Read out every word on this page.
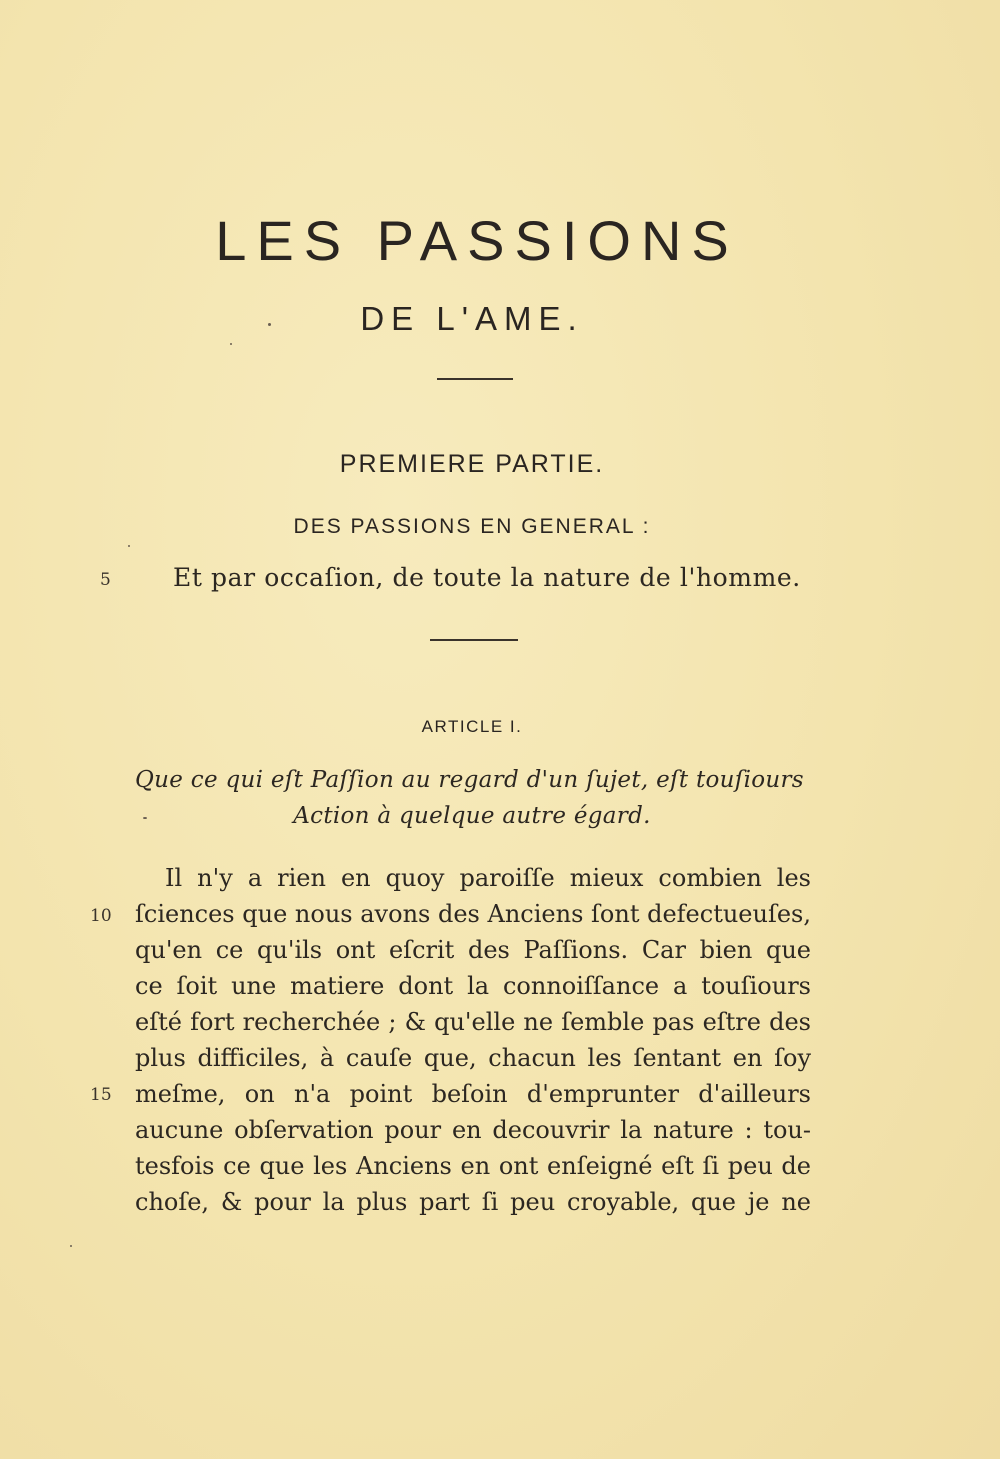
LES PASSIONS
DE L'AME.
PREMIERE PARTIE.
DES PASSIONS EN GENERAL :
5 Et par occaſion, de toute la nature de l'homme.
ARTICLE I.
Que ce qui eſt Paſſion au regard d'un ſujet, eſt touſiours
Action à quelque autre égard.
10
15
Il n'y a rien en quoy paroiſſe mieux combien les
ſciences que nous avons des Anciens ſont defectueuſes,
qu'en ce qu'ils ont eſcrit des Paſſions. Car bien que
ce ſoit une matiere dont la connoiſſance a touſiours
eſté fort recherchée ; & qu'elle ne ſemble pas eſtre des
plus difficiles, à cauſe que, chacun les ſentant en ſoy
meſme, on n'a point beſoin d'emprunter d'ailleurs
aucune obſervation pour en decouvrir la nature : tou-
tesfois ce que les Anciens en ont enſeigné eſt ſi peu de
choſe, & pour la plus part ſi peu croyable, que je ne
